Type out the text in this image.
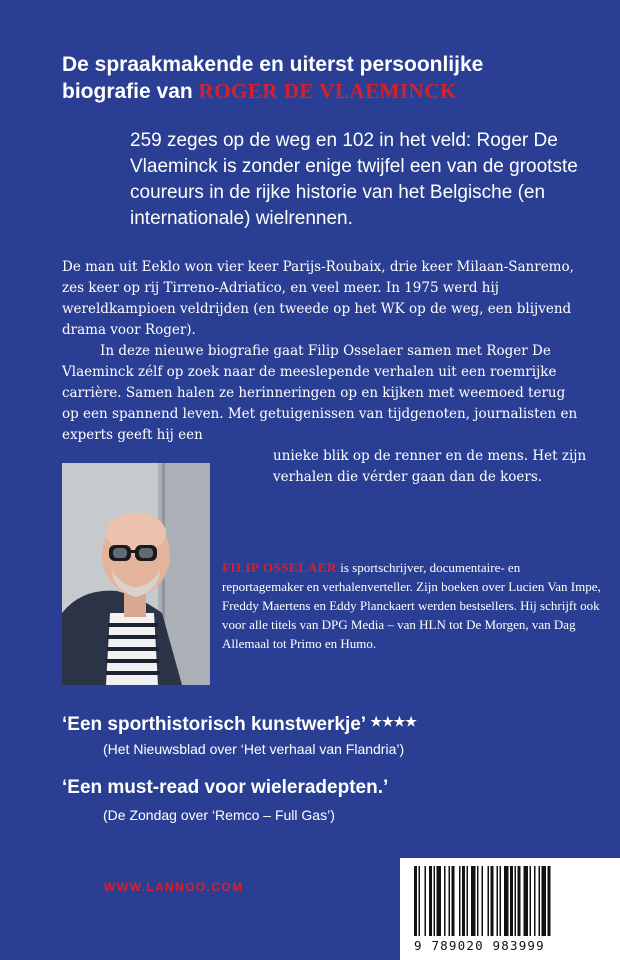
De spraakmakende en uiterst persoonlijke
biografie van ROGER DE VLAEMINCK

259 zeges op de weg en 102 in het veld: Roger De Vlaeminck is zonder enige twijfel een van de grootste coureurs in de rijke historie van het Belgische (en internationale) wielrennen.

De man uit Eeklo won vier keer Parijs-Roubaix, drie keer Milaan-Sanremo, zes keer op rij Tirreno-Adriatico, en veel meer. In 1975 werd hij wereldkampioen veldrijden (en tweede op het WK op de weg, een blijvend drama voor Roger).

In deze nieuwe biografie gaat Filip Osselaer samen met Roger De Vlaeminck zélf op zoek naar de meeslepende verhalen uit een roemrijke carrière. Samen halen ze herinneringen op en kijken met weemoed terug op een spannend leven. Met getuigenissen van tijdgenoten, journalisten en experts geeft hij een

unieke blik op de renner en de mens. Het zijn verhalen die vérder gaan dan de koers.

FILIP OSSELAER is sportschrijver, documentaire- en reportagemaker en verhalenverteller. Zijn boeken over Lucien Van Impe, Freddy Maertens en Eddy Planckaert werden bestsellers. Hij schrijft ook voor alle titels van DPG Media – van HLN tot De Morgen, van Dag Allemaal tot Primo en Humo.

‘Een sporthistorisch kunstwerkje’ ★★★★

(Het Nieuwsblad over ‘Het verhaal van Flandria’)

‘Een must-read voor wieleradepten.’

(De Zondag over ‘Remco – Full Gas’)

WWW.LANNOO.COM
9 789020 983999
